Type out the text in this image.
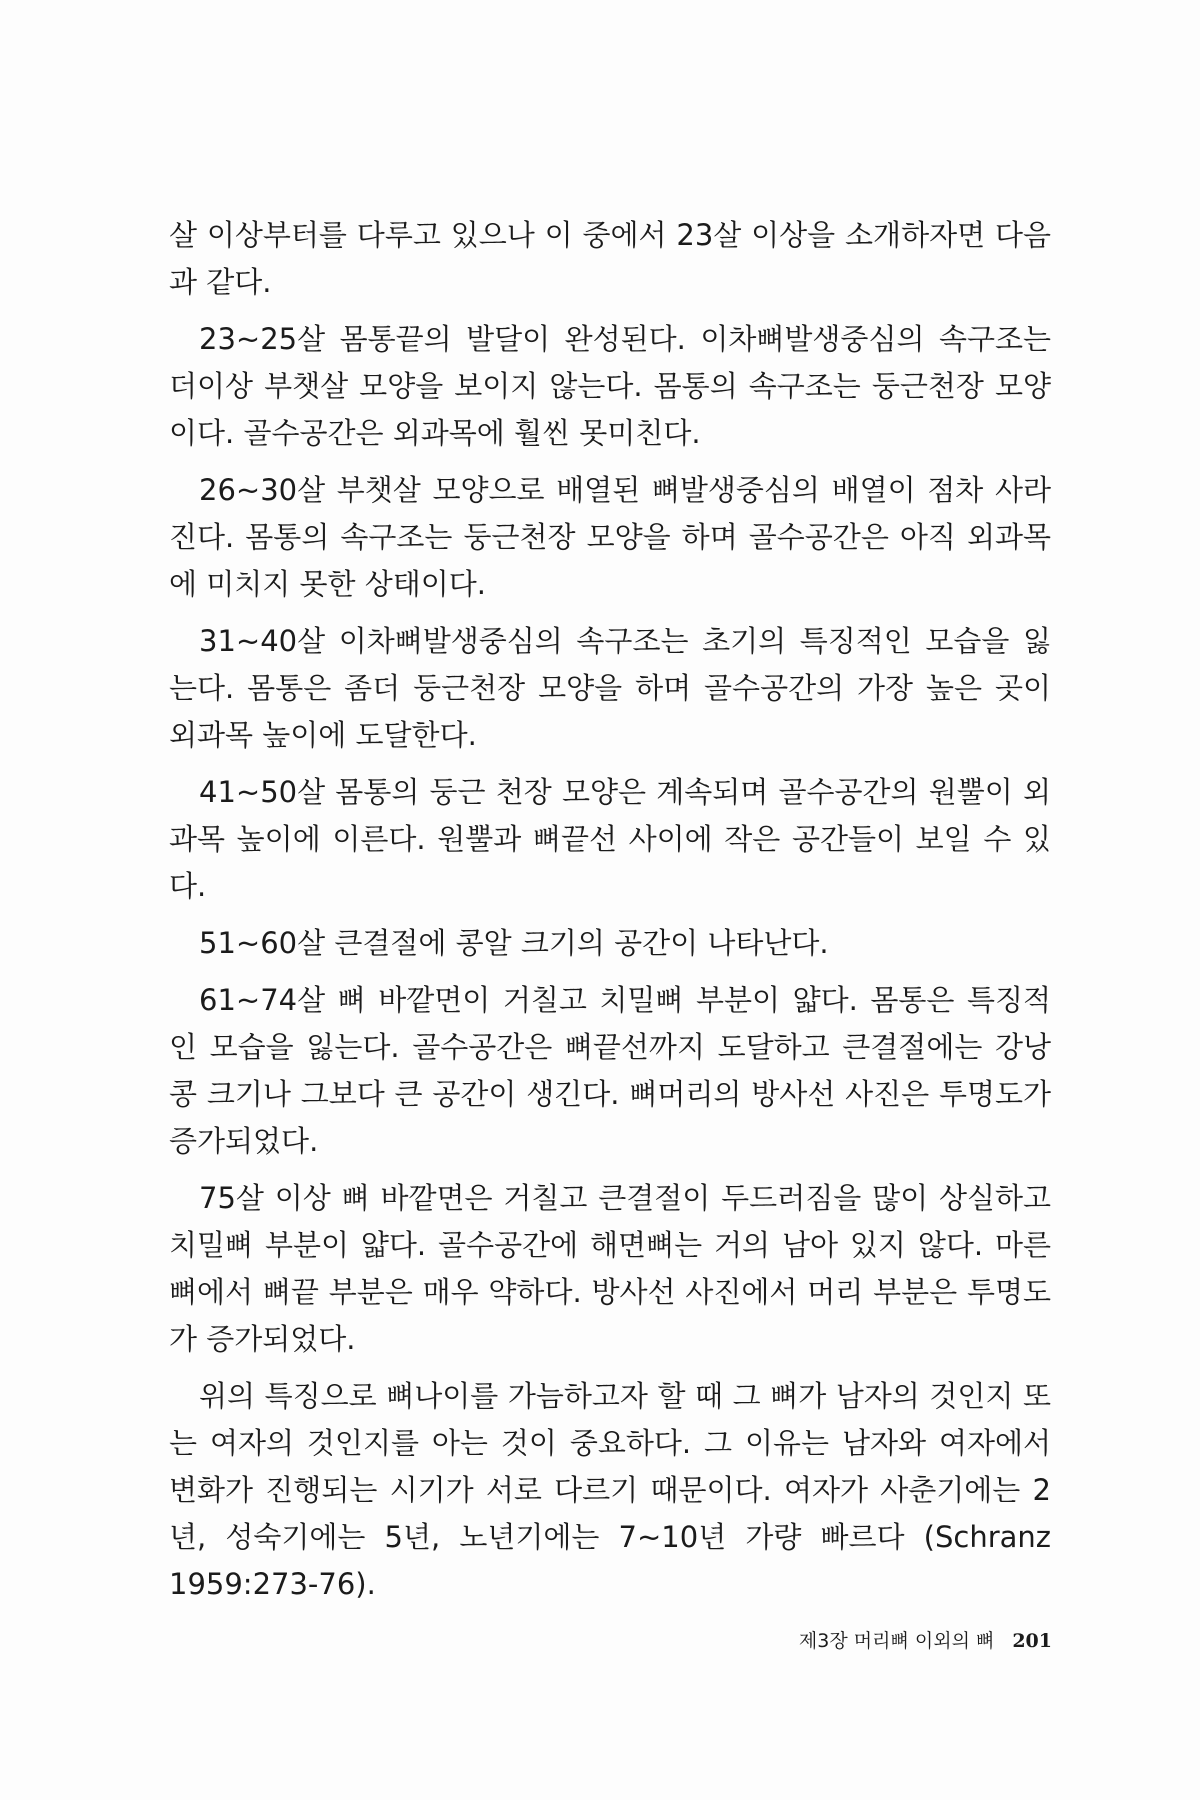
살 이상부터를 다루고 있으나 이 중에서 23살 이상을 소개하자면 다음과 같다.

23~25살 몸통끝의 발달이 완성된다. 이차뼈발생중심의 속구조는 더이상 부챗살 모양을 보이지 않는다. 몸통의 속구조는 둥근천장 모양이다. 골수공간은 외과목에 훨씬 못미친다.

26~30살 부챗살 모양으로 배열된 뼈발생중심의 배열이 점차 사라진다. 몸통의 속구조는 둥근천장 모양을 하며 골수공간은 아직 외과목에 미치지 못한 상태이다.

31~40살 이차뼈발생중심의 속구조는 초기의 특징적인 모습을 잃는다. 몸통은 좀더 둥근천장 모양을 하며 골수공간의 가장 높은 곳이 외과목 높이에 도달한다.

41~50살 몸통의 둥근 천장 모양은 계속되며 골수공간의 원뿔이 외과목 높이에 이른다. 원뿔과 뼈끝선 사이에 작은 공간들이 보일 수 있다.

51~60살 큰결절에 콩알 크기의 공간이 나타난다.

61~74살 뼈 바깥면이 거칠고 치밀뼈 부분이 얇다. 몸통은 특징적인 모습을 잃는다. 골수공간은 뼈끝선까지 도달하고 큰결절에는 강낭콩 크기나 그보다 큰 공간이 생긴다. 뼈머리의 방사선 사진은 투명도가 증가되었다.

75살 이상 뼈 바깥면은 거칠고 큰결절이 두드러짐을 많이 상실하고 치밀뼈 부분이 얇다. 골수공간에 해면뼈는 거의 남아 있지 않다. 마른뼈에서 뼈끝 부분은 매우 약하다. 방사선 사진에서 머리 부분은 투명도가 증가되었다.

위의 특징으로 뼈나이를 가늠하고자 할 때 그 뼈가 남자의 것인지 또는 여자의 것인지를 아는 것이 중요하다. 그 이유는 남자와 여자에서 변화가 진행되는 시기가 서로 다르기 때문이다. 여자가 사춘기에는 2년, 성숙기에는 5년, 노년기에는 7~10년 가량 빠르다 (Schranz 1959:273-76).

제3장 머리뼈 이외의 뼈 201
